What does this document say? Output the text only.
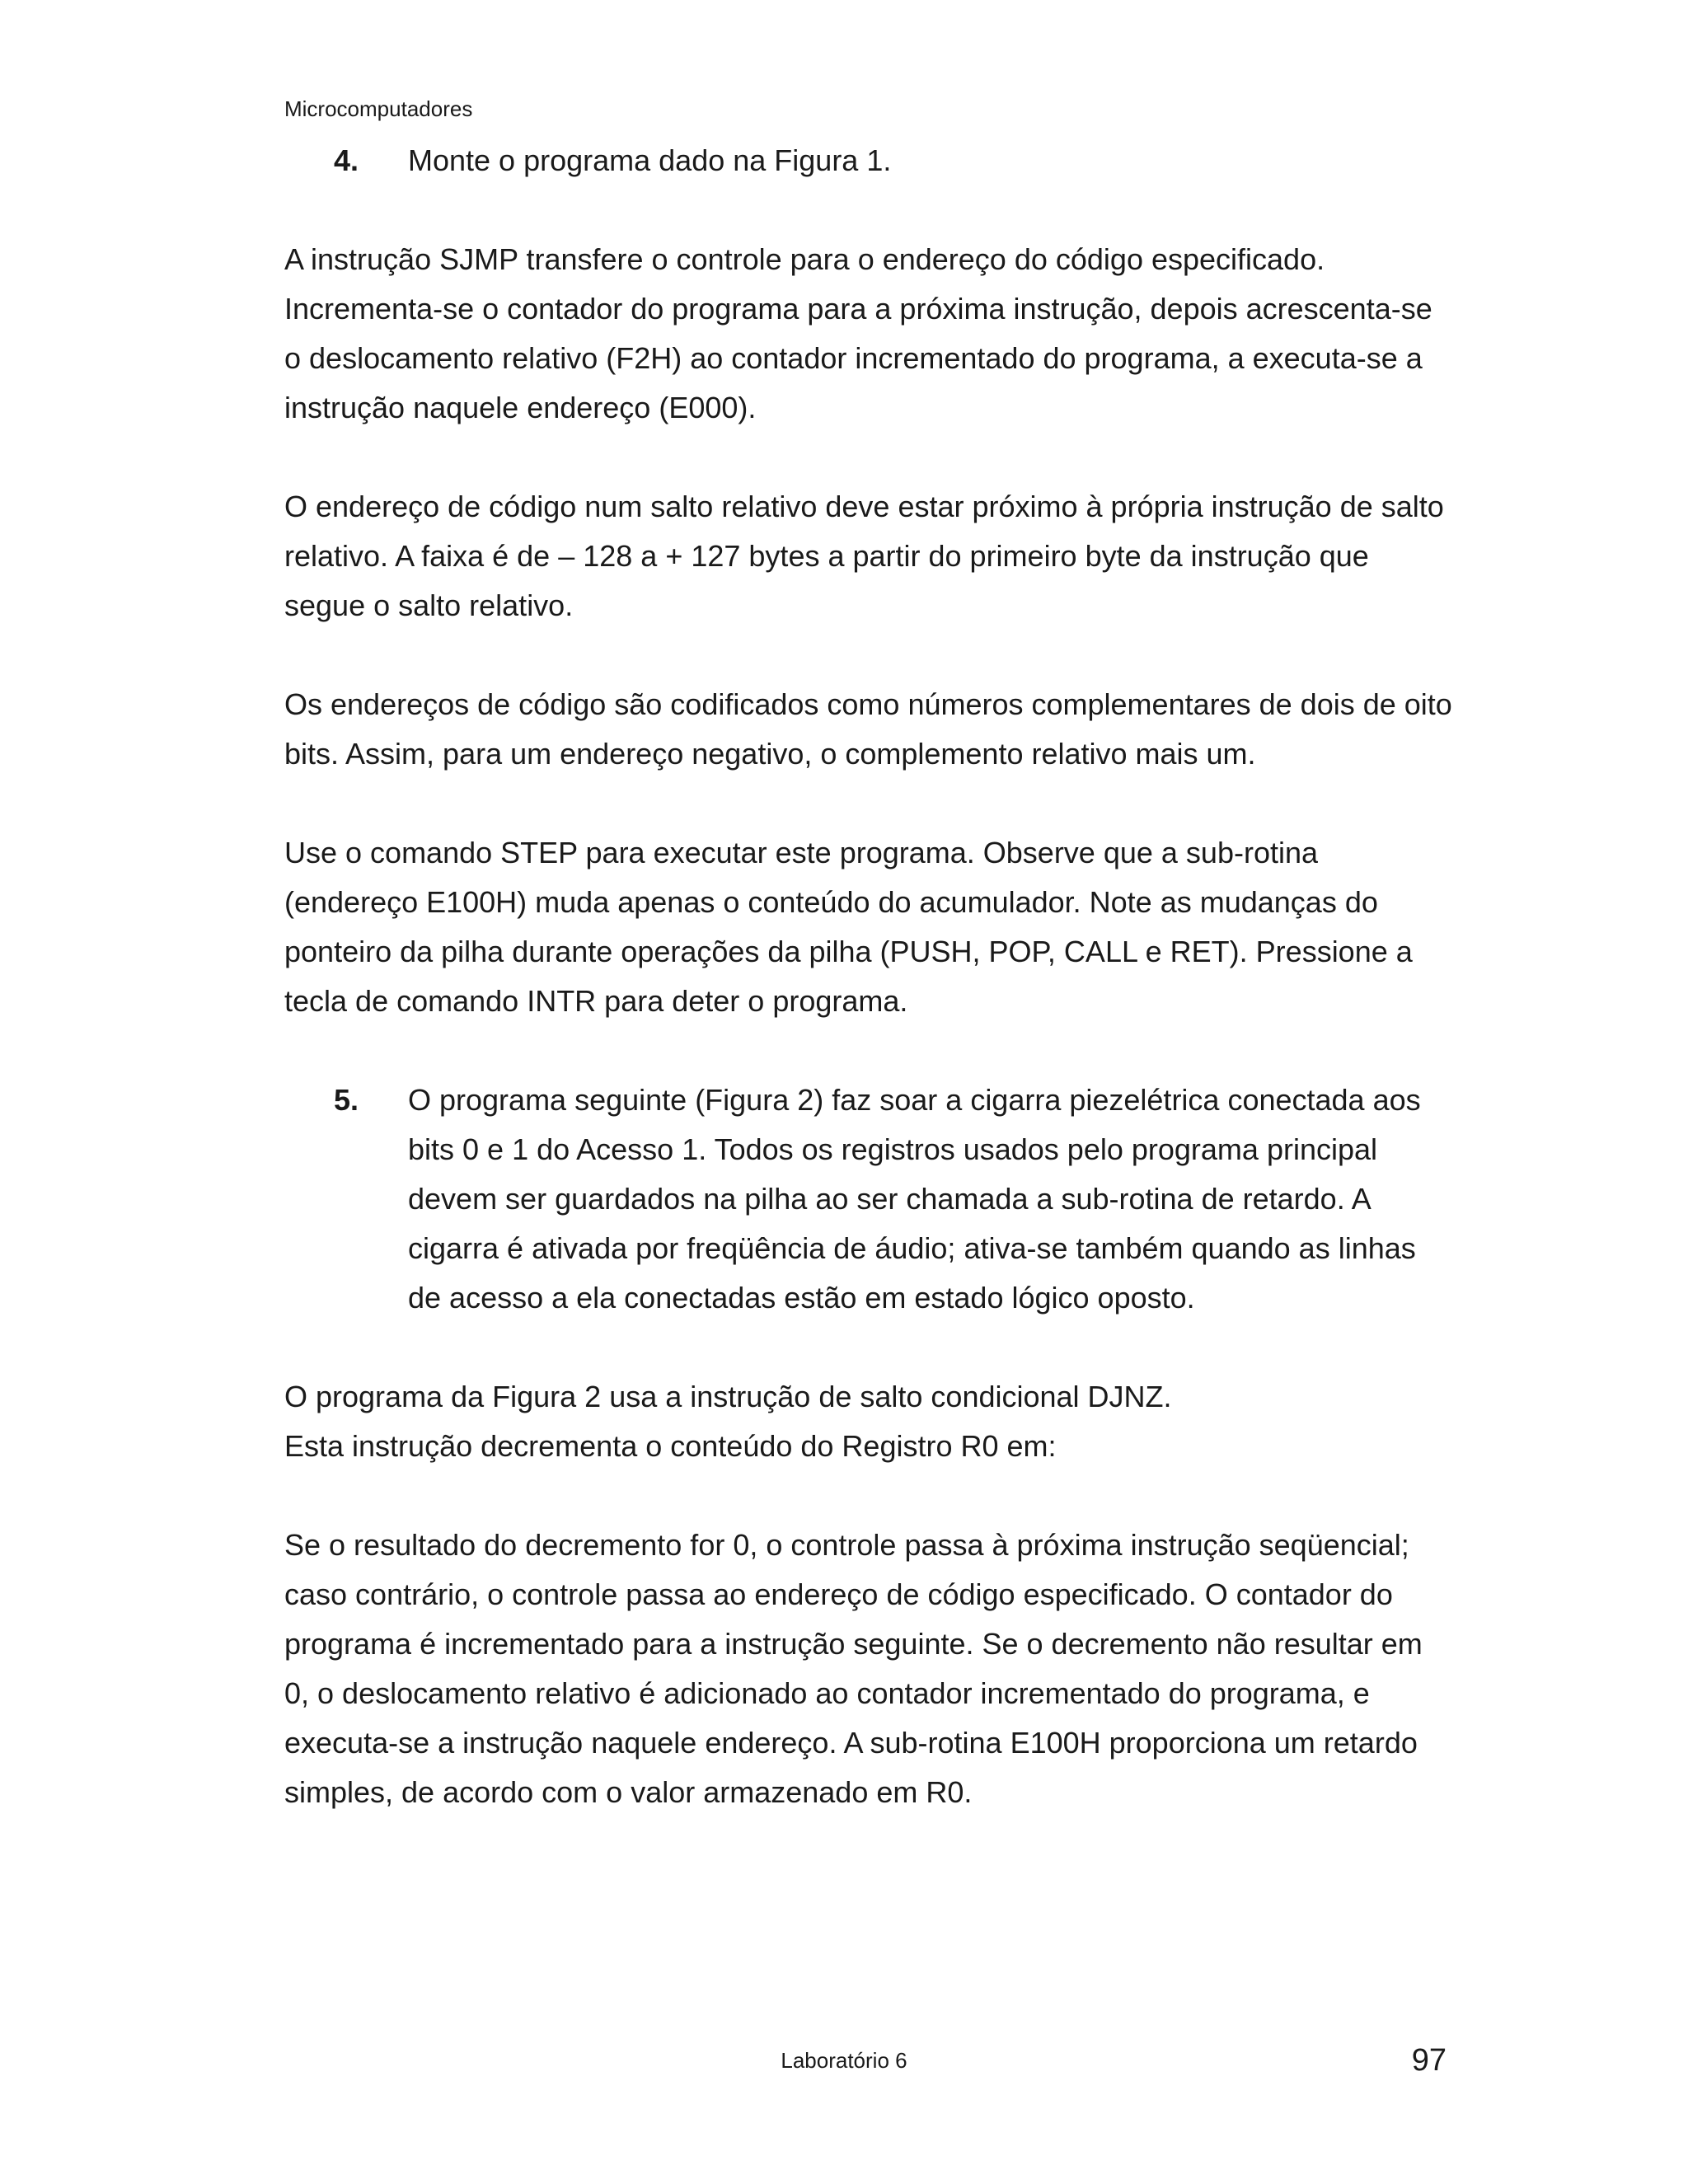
Microcomputadores
4.	Monte o programa dado na Figura 1.

A instrução SJMP transfere o controle para o endereço do código especificado. Incrementa-se o contador do programa para a próxima instrução, depois acrescenta-se o deslocamento relativo (F2H) ao contador incrementado do programa, a executa-se a instrução naquele endereço (E000).

O endereço de código num salto relativo deve estar próximo à própria instrução de salto relativo. A faixa é de – 128 a + 127 bytes a partir do primeiro byte da instrução que segue o salto relativo.

Os endereços de código são codificados como números complementares de dois de oito bits. Assim, para um endereço negativo, o complemento relativo mais um.

Use o comando STEP para executar este programa. Observe que a sub-rotina (endereço E100H) muda apenas o conteúdo do acumulador. Note as mudanças do ponteiro da pilha durante operações da pilha (PUSH, POP, CALL e RET). Pressione a tecla de comando INTR para deter o programa.

5.	O programa seguinte (Figura 2) faz soar a cigarra piezelétrica conectada aos bits 0 e 1 do Acesso 1. Todos os registros usados pelo programa principal devem ser guardados na pilha ao ser chamada a sub-rotina de retardo. A cigarra é ativada por freqüência de áudio; ativa-se também quando as linhas de acesso a ela conectadas estão em estado lógico oposto.

O programa da Figura 2 usa a instrução de salto condicional DJNZ.

Esta instrução decrementa o conteúdo do Registro R0 em:

Se o resultado do decremento for 0, o controle passa à próxima instrução seqüencial; caso contrário, o controle passa ao endereço de código especificado. O contador do programa é incrementado para a instrução seguinte. Se o decremento não resultar em 0, o deslocamento relativo é adicionado ao contador incrementado do programa, e executa-se a instrução naquele endereço. A sub-rotina E100H proporciona um retardo simples, de acordo com o valor armazenado em R0.

Laboratório 6	97
